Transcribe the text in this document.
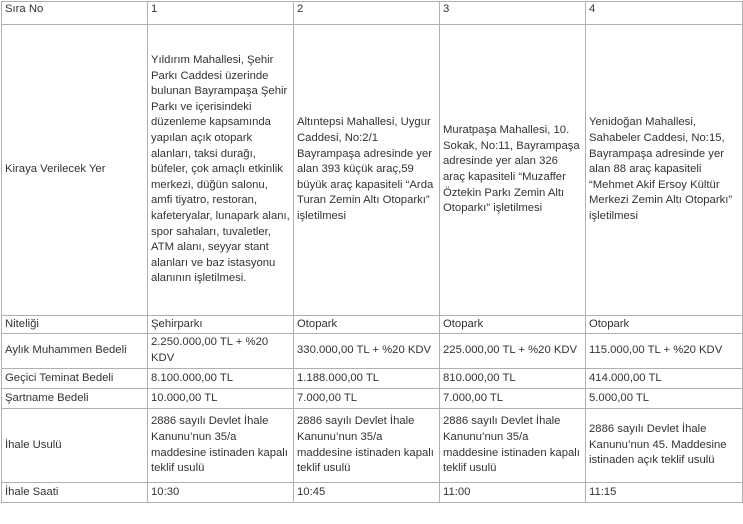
Sıra No	1	2	3	4
Kiraya Verilecek Yer	Yıldırım Mahallesi, Şehir Parkı Caddesi üzerinde bulunan Bayrampaşa Şehir Parkı ve içerisindeki düzenleme kapsamında yapılan açık otopark alanları, taksi durağı, büfeler, çok amaçlı etkinlik merkezi, düğün salonu, amfi tiyatro, restoran, kafeteryalar, lunapark alanı, spor sahaları, tuvaletler, ATM alanı, seyyar stant alanları ve baz istasyonu alanının işletilmesi.	Altıntepsi Mahallesi, Uygur Caddesi, No:2/1 Bayrampaşa adresinde yer alan 393 küçük araç,59 büyük araç kapasiteli “Arda Turan Zemin Altı Otoparkı” işletilmesi	Muratpaşa Mahallesi, 10. Sokak, No:11, Bayrampaşa adresinde yer alan 326 araç kapasiteli “Muzaffer Öztekin Parkı Zemin Altı Otoparkı” işletilmesi	Yenidoğan Mahallesi, Sahabeler Caddesi, No:15, Bayrampaşa adresinde yer alan 88 araç kapasiteli “Mehmet Akif Ersoy Kültür Merkezi Zemin Altı Otoparkı” işletilmesi
Niteliği	Şehirparkı	Otopark	Otopark	Otopark
Aylık Muhammen Bedeli	2.250.000,00 TL + %20 KDV	330.000,00 TL + %20 KDV	225.000,00 TL + %20 KDV	115.000,00 TL + %20 KDV
Geçici Teminat Bedeli	8.100.000,00 TL	1.188.000,00 TL	810.000,00 TL	414.000,00 TL
Şartname Bedeli	10.000,00 TL	7.000,00 TL	7.000,00 TL	5.000,00 TL
İhale Usulü	2886 sayılı Devlet İhale Kanunu’nun 35/a maddesine istinaden kapalı teklif usulü	2886 sayılı Devlet İhale Kanunu’nun 35/a maddesine istinaden kapalı teklif usulü	2886 sayılı Devlet İhale Kanunu’nun 35/a maddesine istinaden kapalı teklif usulü	2886 sayılı Devlet İhale Kanunu’nun 45. Maddesine istinaden açık teklif usulü
İhale Saati	10:30	10:45	11:00	11:15
